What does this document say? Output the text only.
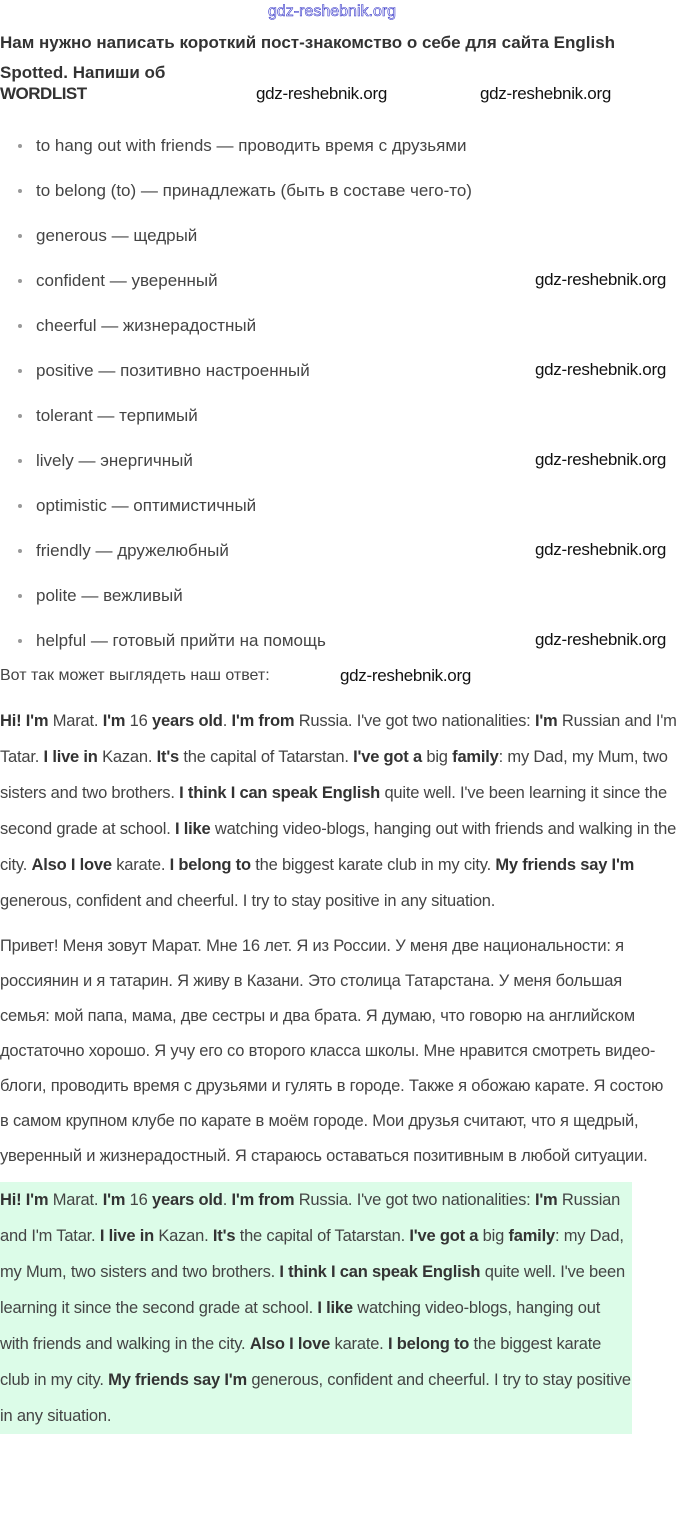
gdz-reshebnik.org
Нам нужно написать короткий пост-знакомство о себе для сайта English
Spotted. Напиши об
WORDLIST	gdz-reshebnik.org	gdz-reshebnik.org
to hang out with friends — проводить время с друзьями
to belong (to) — принадлежать (быть в составе чего-то)
generous — щедрый
confident — уверенный
cheerful — жизнерадостный
positive — позитивно настроенный
tolerant — терпимый
lively — энергичный
optimistic — оптимистичный
friendly — дружелюбный
polite — вежливый
helpful — готовый прийти на помощь
gdz-reshebnik.org
gdz-reshebnik.org
gdz-reshebnik.org
gdz-reshebnik.org
gdz-reshebnik.org
Вот так может выглядеть наш ответ:	gdz-reshebnik.org
Hi! I'm Marat. I'm 16 years old. I'm from Russia. I've got two nationalities: I'm Russian and I'm Tatar. I live in Kazan. It's the capital of Tatarstan. I've got a big family: my Dad, my Mum, two sisters and two brothers. I think I can speak English quite well. I've been learning it since the second grade at school. I like watching video-blogs, hanging out with friends and walking in the city. Also I love karate. I belong to the biggest karate club in my city. My friends say I'm generous, confident and cheerful. I try to stay positive in any situation.
Привет! Меня зовут Марат. Мне 16 лет. Я из России. У меня две национальности: я россиянин и я татарин. Я живу в Казани. Это столица Татарстана. У меня большая семья: мой папа, мама, две сестры и два брата. Я думаю, что говорю на английском достаточно хорошо. Я учу его со второго класса школы. Мне нравится смотреть видео-блоги, проводить время с друзьями и гулять в городе. Также я обожаю карате. Я состою в самом крупном клубе по карате в моём городе. Мои друзья считают, что я щедрый, уверенный и жизнерадостный. Я стараюсь оставаться позитивным в любой ситуации.
Hi! I'm Marat. I'm 16 years old. I'm from Russia. I've got two nationalities: I'm Russian and I'm Tatar. I live in Kazan. It's the capital of Tatarstan. I've got a big family: my Dad, my Mum, two sisters and two brothers. I think I can speak English quite well. I've been learning it since the second grade at school. I like watching video-blogs, hanging out with friends and walking in the city. Also I love karate. I belong to the biggest karate club in my city. My friends say I'm generous, confident and cheerful. I try to stay positive in any situation.
